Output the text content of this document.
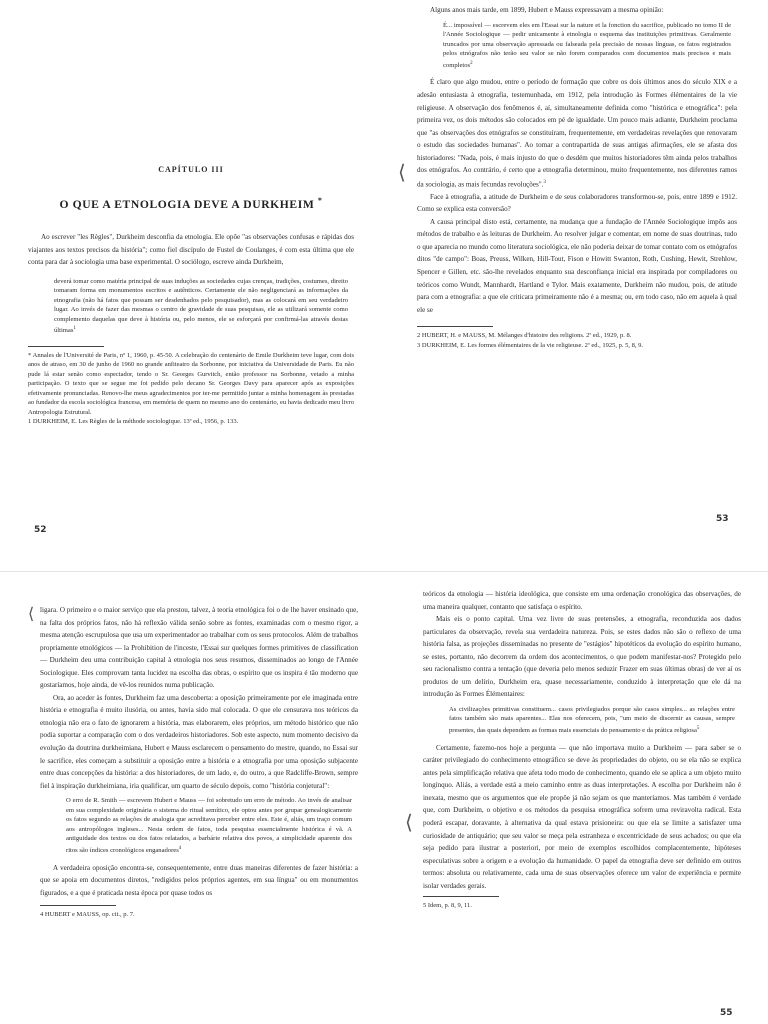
CAPÍTULO III
O QUE A ETNOLOGIA DEVE A DURKHEIM *

Ao escrever "les Règles", Durkheim desconfia da etnologia. Ele opõe "as observações confusas e rápidas dos viajantes aos textos precisos da história"; como fiel discípulo de Fustel de Coulanges, é com esta última que ele conta para dar à sociologia uma base experimental. O sociólogo, escreve ainda Durkheim,

deverá tomar como matéria principal de suas induções as sociedades cujas crenças, tradições, costumes, direito tomaram forma em monumentos escritos e autênticos. Certamente ele não negligenciará as informações da etnografia (não há fatos que possam ser desdenhados pelo pesquisador), mas as colocará em seu verdadeiro lugar. Ao invés de fazer das mesmas o centro de gravidade de suas pesquisas, ele as utilizará somente como complemento daquelas que deve à história ou, pelo menos, ele se esforçará por confirmá-las através destas últimas$^1$

* Annales de l'Université de Paris, nº 1, 1960, p. 45-50. A celebração do centenário de Emile Durkheim teve lugar, com dois anos de atraso, em 30 de junho de 1960 no grande anfiteatro da Sorbonne, por iniciativa da Universidade de Paris. Eu não pude lá estar senão como espectador, tendo o Sr. Georges Gurvitch, então professor na Sorbonne, vetado a minha participação. O texto que se segue me foi pedido pelo decano Sr. Georges Davy para aparecer após as exposições efetivamente pronunciadas. Renovo-lhe meus agradecimentos por ter-me permitido juntar a minha homenagem às prestadas ao fundador da escola sociológica francesa, em memória de quem no mesmo ano do centenário, eu havia dedicado meu livro Antropologia Estrutural.

1 DURKHEIM, E. Les Règles de la méthode sociologique. 13ª ed., 1956, p. 133.

52

Alguns anos mais tarde, em 1899, Hubert e Mauss expressavam a mesma opinião:

É... impossível — escrevem eles em l'Essai sur la nature et la fonction du sacrifice, publicado no tomo II de l'Année Sociologique — pedir unicamente à etnologia o esquema das instituições primitivas. Geralmente truncados por uma observação apressada ou falseada pela precisão de nossas línguas, os fatos registrados pelos etnógrafos não terão seu valor se não forem comparados com documentos mais precisos e mais completos$^2$

É claro que algo mudou, entre o período de formação que cobre os dois últimos anos do século XIX e a adesão entusiasta à etnografia, testemunhada, em 1912, pela introdução às Formes élémentaires de la vie religieuse. A observação dos fenômenos é, aí, simultaneamente definida como "histórica e etnográfica": pela primeira vez, os dois métodos são colocados em pé de igualdade. Um pouco mais adiante, Durkheim proclama que "as observações dos etnógrafos se constituíram, frequentemente, em verdadeiras revelações que renovaram o estudo das sociedades humanas". Ao tomar a contrapartida de suas antigas afirmações, ele se afasta dos historiadores: "Nada, pois, é mais injusto do que o desdém que muitos historiadores têm ainda pelos trabalhos dos etnógrafos. Ao contrário, é certo que a etnografia determinou, muito frequentemente, nos diferentes ramos da sociologia, as mais fecundas revoluções".$^3$

Face à etnografia, a atitude de Durkheim e de seus colaboradores transformou-se, pois, entre 1899 e 1912. Como se explica esta conversão?

A causa principal disto está, certamente, na mudança que a fundação de l'Année Sociologique impôs aos métodos de trabalho e às leituras de Durkheim. Ao resolver julgar e comentar, em nome de suas doutrinas, tudo o que aparecia no mundo como literatura sociológica, ele não poderia deixar de tomar contato com os etnógrafos ditos "de campo": Boas, Preuss, Wilken, Hill-Tout, Fison e Howitt Swanton, Roth, Cushing, Hewit, Strehlow, Spencer e Gillen, etc. são-lhe revelados enquanto sua desconfiança inicial era inspirada por compiladores ou teóricos como Wundt, Mannhardt, Hartland e Tylor. Mais exatamente, Durkheim não mudou, pois, de atitude para com a etnografia: a que ele criticara primeiramente não é a mesma; ou, em todo caso, não em aquela à qual ele se

2 HUBERT, H. e MAUSS, M. Mélanges d'histoire des religions. 2ª ed., 1929, p. 8.

3 DURKHEIM, E. Les formes élémentaires de la vie religieuse. 2ª ed., 1925, p. 5, 8, 9.

53
⟨

ligara. O primeiro e o maior serviço que ela prestou, talvez, à teoria etnológica foi o de lhe haver ensinado que, na falta dos próprios fatos, não há reflexão válida senão sobre as fontes, examinadas com o mesmo rigor, a mesma atenção escrupulosa que usa um experimentador ao trabalhar com os seus protocolos. Além de trabalhos propriamente etnológicos — la Prohibition de l'inceste, l'Essai sur quelques formes primitives de classification — Durkheim deu uma contribuição capital à etnologia nos seus resumos, disseminados ao longo de l'Année Sociologique. Eles comprovam tanta lucidez na escolha das obras, o espírito que os inspira é tão moderno que gostaríamos, hoje ainda, de vê-los reunidos numa publicação.

Ora, ao aceder às fontes, Durkheim faz uma descoberta: a oposição primeiramente por ele imaginada entre história e etnografia é muito ilusória, ou antes, havia sido mal colocada. O que ele censurava nos teóricos da etnologia não era o fato de ignorarem a história, mas elaborarem, eles próprios, um método histórico que não podia suportar a comparação com o dos verdadeiros historiadores. Sob este aspecto, num momento decisivo da evolução da doutrina durkheimiana, Hubert e Mauss esclarecem o pensamento do mestre, quando, no Essai sur le sacrifice, eles começam a substituir a oposição entre a história e a etnografia por uma oposição subjacente entre duas concepções da história: a dos historiadores, de um lado, e, do outro, a que Radcliffe-Brown, sempre fiel à inspiração durkheimiana, iria qualificar, um quarto de século depois, como "história conjetural":

O erro de R. Smith — escrevem Hubert e Mauss — foi sobretudo um erro de método. Ao invés de analisar em sua complexidade originária o sistema do ritual semítico, ele optou antes por grupar genealogicamente os fatos segundo as relações de analogia que acreditava perceber entre eles. Este é, aliás, um traço comum aos antropólogos ingleses... Nesta ordem de fatos, toda pesquisa essencialmente histórica é vã. A antiguidade dos textos ou dos fatos relatados, a barbárie relativa dos povos, a simplicidade aparente dos ritos são índices cronológicos enganadores$^4$

A verdadeira oposição encontra-se, consequentemente, entre duas maneiras diferentes de fazer história: a que se apoia em documentos diretos, "redigidos pelos próprios agentes, em sua língua" ou em monumentos figurados, e a que é praticada nesta época por quase todos os

4 HUBERT e MAUSS, op. cit., p. 7.

⟨

teóricos da etnologia — história ideológica, que consiste em uma ordenação cronológica das observações, de uma maneira qualquer, contanto que satisfaça o espírito.

Mais eis o ponto capital. Uma vez livre de suas pretensões, a etnografia, reconduzida aos dados particulares da observação, revela sua verdadeira natureza. Pois, se estes dados não são o reflexo de uma história falsa, as projeções disseminadas no presente de "estágios" hipotéticos da evolução do espírito humano, se estes, portanto, não decorrem da ordem dos acontecimentos, o que podem manifestar-nos? Protegido pelo seu racionalismo contra a tentação (que deveria pelo menos seduzir Frazer em suas últimas obras) de ver aí os produtos de um delírio, Durkheim era, quase necessariamente, conduzido à interpretação que ele dá na introdução às Formes Élémentaires:

As civilizações primitivas constituem... casos privilegiados porque são casos simples... as relações entre fatos também são mais aparentes... Elas nos oferecem, pois, "um meio de discernir as causas, sempre presentes, das quais dependem as formas mais essenciais do pensamento e da prática religiosa$^5$

Certamente, fazemo-nos hoje a pergunta — que não importava muito a Durkheim — para saber se o caráter privilegiado do conhecimento etnográfico se deve às propriedades do objeto, ou se ela não se explica antes pela simplificação relativa que afeta todo modo de conhecimento, quando ele se aplica a um objeto muito longínquo. Aliás, a verdade está a meio caminho entre as duas interpretações. A escolha por Durkheim não é inexata, mesmo que os argumentos que ele propõe já não sejam os que manteríamos. Mas também é verdade que, com Durkheim, o objetivo e os métodos da pesquisa etnográfica sofrem uma reviravolta radical. Esta poderá escapar, doravante, à alternativa da qual estava prisioneira: ou que ela se limite a satisfazer uma curiosidade de antiquário; que seu valor se meça pela estranheza e excentricidade de seus achados; ou que ela seja pedido para ilustrar a posteriori, por meio de exemplos escolhidos complacentemente, hipóteses especulativas sobre a origem e a evolução da humanidade. O papel da etnografia deve ser definido em outros termos: absoluta ou relativamente, cada uma de suas observações oferece um valor de experiência e permite isolar verdades gerais.

5 Idem, p. 8, 9, 11.

55
⟨
